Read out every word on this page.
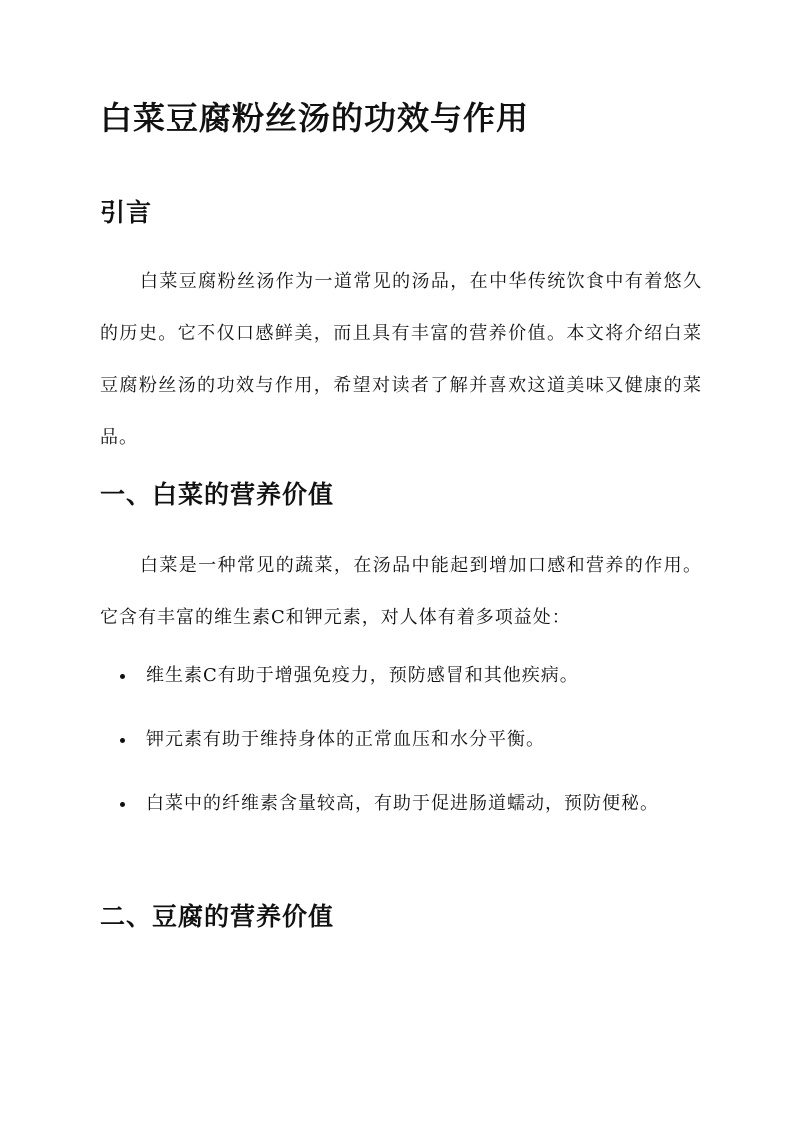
白菜豆腐粉丝汤的功效与作用
引言

白菜豆腐粉丝汤作为一道常见的汤品，在中华传统饮食中有着悠久的历史。它不仅口感鲜美，而且具有丰富的营养价值。本文将介绍白菜豆腐粉丝汤的功效与作用，希望对读者了解并喜欢这道美味又健康的菜品。

一、白菜的营养价值

白菜是一种常见的蔬菜，在汤品中能起到增加口感和营养的作用。它含有丰富的维生素C和钾元素，对人体有着多项益处：

维生素C有助于增强免疫力，预防感冒和其他疾病。
钾元素有助于维持身体的正常血压和水分平衡。
白菜中的纤维素含量较高，有助于促进肠道蠕动，预防便秘。
二、豆腐的营养价值
